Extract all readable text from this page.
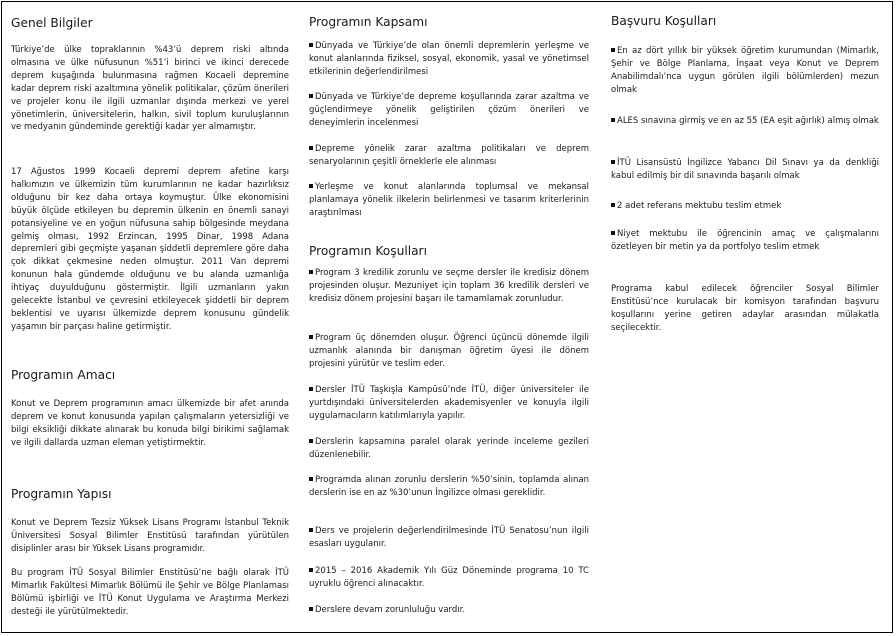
Genel Bilgiler

Türkiye’de ülke topraklarının %43’ü deprem riski altında olmasına ve ülke nüfusunun %51’i birinci ve ikinci derecede deprem kuşağında bulunmasına rağmen Kocaeli depremine kadar deprem riski azaltımına yönelik politikalar, çözüm önerileri ve projeler konu ile ilgili uzmanlar dışında merkezi ve yerel yönetimlerin, üniversitelerin, halkın, sivil toplum kuruluşlarının ve medyanın gündeminde gerektiği kadar yer almamıştır.

17 Ağustos 1999 Kocaeli depremi deprem afetine karşı halkımızın ve ülkemizin tüm kurumlarının ne kadar hazırlıksız olduğunu bir kez daha ortaya koymuştur. Ülke ekonomisini büyük ölçüde etkileyen bu depremin ülkenin en önemli sanayi potansiyeline ve en yoğun nüfusuna sahip bölgesinde meydana gelmiş olması, 1992 Erzincan, 1995 Dinar, 1998 Adana depremleri gibi geçmişte yaşanan şiddetli depremlere göre daha çok dikkat çekmesine neden olmuştur. 2011 Van depremi konunun hala gündemde olduğunu ve bu alanda uzmanlığa ihtiyaç duyulduğunu göstermiştir. İlgili uzmanların yakın gelecekte İstanbul ve çevresini etkileyecek şiddetli bir deprem beklentisi ve uyarısı ülkemizde deprem konusunu gündelik yaşamın bir parçası haline getirmiştir.

Programın Amacı

Konut ve Deprem programının amacı ülkemizde bir afet anında deprem ve konut konusunda yapılan çalışmaların yetersizliği ve bilgi eksikliği dikkate alınarak bu konuda bilgi birikimi sağlamak ve ilgili dallarda uzman eleman yetiştirmektir.

Programın Yapısı

Konut ve Deprem Tezsiz Yüksek Lisans Programı İstanbul Teknik Üniversitesi Sosyal Bilimler Enstitüsü tarafından yürütülen disiplinler arası bir Yüksek Lisans programıdır.

Bu program İTÜ Sosyal Bilimler Enstitüsü’ne bağlı olarak İTÜ Mimarlık Fakültesi Mimarlık Bölümü ile Şehir ve Bölge Planlaması Bölümü işbirliği ve İTÜ Konut Uygulama ve Araştırma Merkezi desteği ile yürütülmektedir.

Programın Kapsamı
Dünyada ve Türkiye’de olan önemli depremlerin yerleşme ve konut alanlarında fiziksel, sosyal, ekonomik, yasal ve yönetimsel etkilerinin değerlendirilmesi
Dünyada ve Türkiye’de depreme koşullarında zarar azaltma ve güçlendirmeye yönelik geliştirilen çözüm önerileri ve deneyimlerin incelenmesi
Depreme yönelik zarar azaltma politikaları ve deprem senaryolarının çeşitli örneklerle ele alınması
Yerleşme ve konut alanlarında toplumsal ve mekansal planlamaya yönelik ilkelerin belirlenmesi ve tasarım kriterlerinin araştırılması
Programın Koşulları
Program 3 kredilik zorunlu ve seçme dersler ile kredisiz dönem projesinden oluşur. Mezuniyet için toplam 36 kredilik dersleri ve kredisiz dönem projesini başarı ile tamamlamak zorunludur.
Program üç dönemden oluşur. Öğrenci üçüncü dönemde ilgili uzmanlık alanında bir danışman öğretim üyesi ile dönem projesini yürütür ve teslim eder.
Dersler İTÜ Taşkışla Kampüsü’nde İTÜ, diğer üniversiteler ile yurtdışındaki üniversitelerden akademisyenler ve konuyla ilgili uygulamacıların katılımlarıyla yapılır.
Derslerin kapsamına paralel olarak yerinde inceleme gezileri düzenlenebilir.
Programda alınan zorunlu derslerin %50’sinin, toplamda alınan derslerin ise en az %30’unun İngilizce olması gereklidir.
Ders ve projelerin değerlendirilmesinde İTÜ Senatosu’nun ilgili esasları uygulanır.
2015 – 2016 Akademik Yılı Güz Döneminde programa 10 TC uyruklu öğrenci alınacaktır.
Derslere devam zorunluluğu vardır.
Başvuru Koşulları
En az dört yıllık bir yüksek öğretim kurumundan (Mimarlık, Şehir ve Bölge Planlama, İnşaat veya Konut ve Deprem Anabilimdalı’nca uygun görülen ilgili bölümlerden) mezun olmak
ALES sınavına girmiş ve en az 55 (EA eşit ağırlık) almış olmak
İTÜ Lisansüstü İngilizce Yabancı Dil Sınavı ya da denkliği kabul edilmiş bir dil sınavında başarılı olmak
2 adet referans mektubu teslim etmek
Niyet mektubu ile öğrencinin amaç ve çalışmalarını özetleyen bir metin ya da portfolyo teslim etmek

Programa kabul edilecek öğrenciler Sosyal Bilimler Enstitüsü’nce kurulacak bir komisyon tarafından başvuru koşullarını yerine getiren adaylar arasından mülakatla seçilecektir.
